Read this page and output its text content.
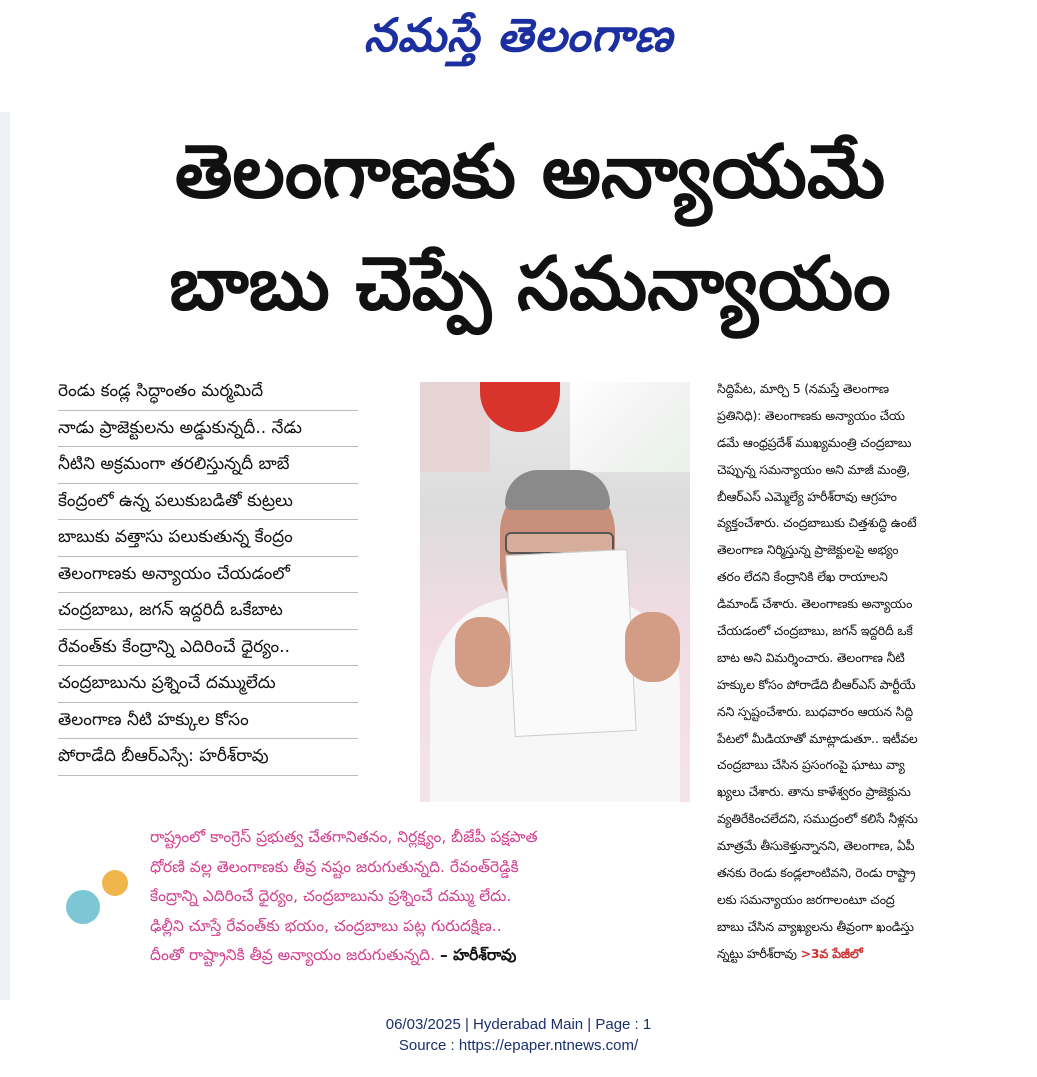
నమస్తే తెలంగాణ
తెలంగాణకు అన్యాయమే
బాబు చెప్పే సమన్యాయం
రెండు కండ్ల సిద్ధాంతం మర్మమిదే
నాడు ప్రాజెక్టులను అడ్డుకున్నదీ.. నేడు
నీటిని అక్రమంగా తరలిస్తున్నదీ బాబే
కేంద్రంలో ఉన్న పలుకుబడితో కుట్రలు
బాబుకు వత్తాసు పలుకుతున్న కేంద్రం
తెలంగాణకు అన్యాయం చేయడంలో
చంద్రబాబు, జగన్ ఇద్దరిదీ ఒకేబాట
రేవంత్‌కు కేంద్రాన్ని ఎదిరించే ధైర్యం..
చంద్రబాబును ప్రశ్నించే దమ్ములేదు
తెలంగాణ నీటి హక్కుల కోసం
పోరాడేది బీఆర్ఎస్సే: హరీశ్‌రావు
సిద్దిపేట, మార్చి 5 (నమస్తే తెలంగాణ
ప్రతినిధి): తెలంగాణకు అన్యాయం చేయ
డమే ఆంధ్రప్రదేశ్ ముఖ్యమంత్రి చంద్రబాబు
చెప్పున్న సమన్యాయం అని మాజీ మంత్రి,
బీఆర్ఎస్ ఎమ్మెల్యే హరీశ్‌రావు ఆగ్రహం
వ్యక్తంచేశారు. చంద్రబాబుకు చిత్తశుద్ధి ఉంటే
తెలంగాణ నిర్మిస్తున్న ప్రాజెక్టులపై అభ్యం
తరం లేదని కేంద్రానికి లేఖ రాయాలని
డిమాండ్ చేశారు. తెలంగాణకు అన్యాయం
చేయడంలో చంద్రబాబు, జగన్ ఇద్దరిదీ ఒకే
బాట అని విమర్శించారు. తెలంగాణ నీటి
హక్కుల కోసం పోరాడేది బీఆర్ఎస్ పార్టీయే
నని స్పష్టంచేశారు. బుధవారం ఆయన సిద్ది
పేటలో మీడియాతో మాట్లాడుతూ.. ఇటీవల
చంద్రబాబు చేసిన ప్రసంగంపై ఘాటు వ్యా
ఖ్యలు చేశారు. తాను కాళేశ్వరం ప్రాజెక్టును
వ్యతిరేకించలేదని, సముద్రంలో కలిసే నీళ్లను
మాత్రమే తీసుకెళ్తున్నానని, తెలంగాణ, ఏపీ
తనకు రెండు కండ్లలాంటివని, రెండు రాష్ట్రా
లకు సమన్యాయం జరగాలంటూ చంద్ర
బాబు చేసిన వ్యాఖ్యలను తీవ్రంగా ఖండిస్తు
న్నట్టు హరీశ్‌రావు >3వ పేజీలో
రాష్ట్రంలో కాంగ్రెస్ ప్రభుత్వ చేతగానితనం, నిర్లక్ష్యం, బీజేపీ పక్షపాత
ధోరణి వల్ల తెలంగాణకు తీవ్ర నష్టం జరుగుతున్నది. రేవంత్‌రెడ్డికి
కేంద్రాన్ని ఎదిరించే ధైర్యం, చంద్రబాబును ప్రశ్నించే దమ్ము లేదు.
ఢిల్లీని చూస్తే రేవంత్‌కు భయం, చంద్రబాబు పట్ల గురుదక్షిణ..
దీంతో రాష్ట్రానికి తీవ్ర అన్యాయం జరుగుతున్నది. – హరీశ్‌రావు
06/03/2025 | Hyderabad Main | Page : 1
Source : https://epaper.ntnews.com/
